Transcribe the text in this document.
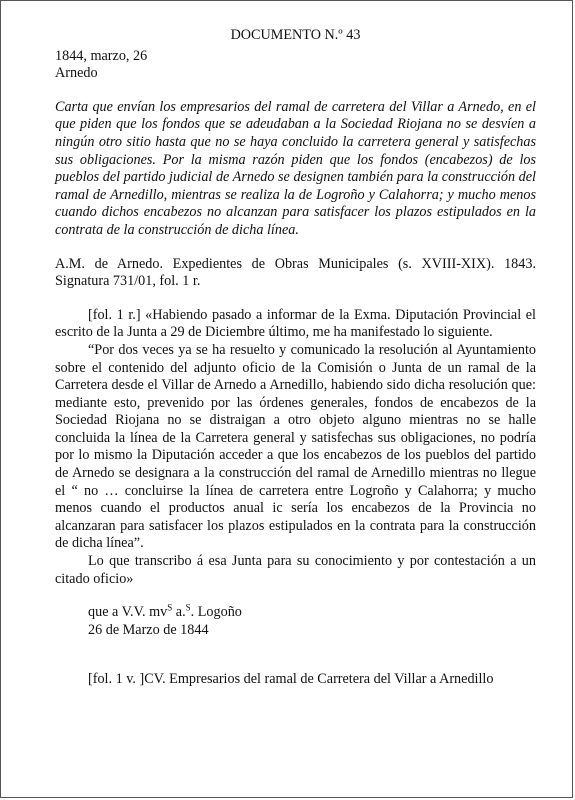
DOCUMENTO N.º 43

1844, marzo, 26

Arnedo

Carta que envían los empresarios del ramal de carretera del Villar a Arnedo, en el que piden que los fondos que se adeudaban a la Sociedad Riojana no se desvíen a ningún otro sitio hasta que no se haya concluido la carretera general y satisfechas sus obligaciones. Por la misma razón piden que los fondos (encabezos) de los pueblos del partido judicial de Arnedo se designen también para la construcción del ramal de Arnedillo, mientras se realiza la de Logroño y Calahorra; y mucho menos cuando dichos encabezos no alcanzan para satisfacer los plazos estipulados en la contrata de la construcción de dicha línea.

A.M. de Arnedo. Expedientes de Obras Municipales (s. XVIII-XIX). 1843. Signatura 731/01, fol. 1 r.

[fol. 1 r.] «Habiendo pasado a informar de la Exma. Diputación Provincial el escrito de la Junta a 29 de Diciembre último, me ha manifestado lo siguiente.

“Por dos veces ya se ha resuelto y comunicado la resolución al Ayuntamiento sobre el contenido del adjunto oficio de la Comisión o Junta de un ramal de la Carretera desde el Villar de Arnedo a Arnedillo, habiendo sido dicha resolución que: mediante esto, prevenido por las órdenes generales, fondos de encabezos de la Sociedad Riojana no se distraigan a otro objeto alguno mientras no se halle concluida la línea de la Carretera general y satisfechas sus obligaciones, no podría por lo mismo la Diputación acceder a que los encabezos de los pueblos del partido de Arnedo se designara a la construcción del ramal de Arnedillo mientras no llegue el “ no … concluirse la línea de carretera entre Logroño y Calahorra; y mucho menos cuando el productos anual ic sería los encabezos de la Provincia no alcanzaran para satisfacer los plazos estipulados en la contrata para la construcción de dicha línea”.

Lo que transcribo á esa Junta para su conocimiento y por contestación a un citado oficio»

que a V.V. $mv^S$ a.$^S$. Logoño

26 de Marzo de 1844

[fol. 1 v. ]CV. Empresarios del ramal de Carretera del Villar a Arnedillo
